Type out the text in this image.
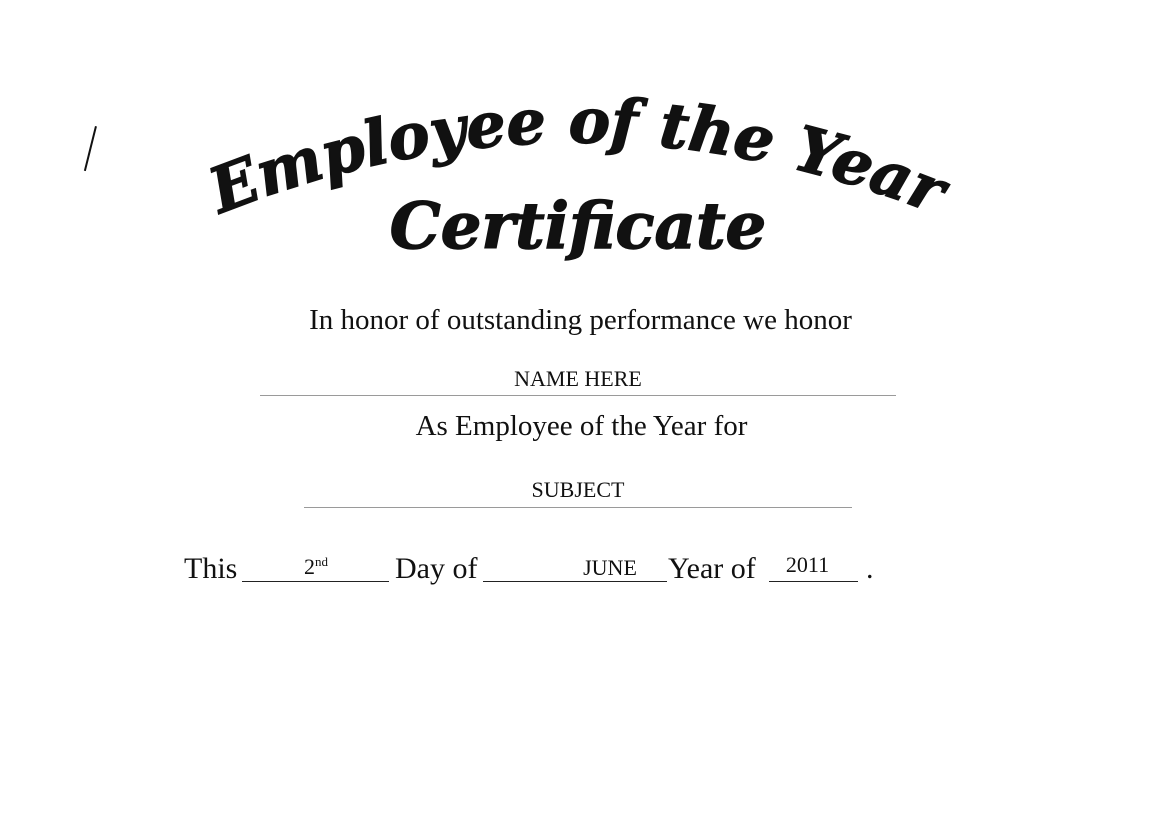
Employee of the Year
Certificate
In honor of outstanding performance we honor
NAME HERE
As Employee of the Year for
SUBJECT
This	2nd	Day of	JUNE	Year of	2011	.
